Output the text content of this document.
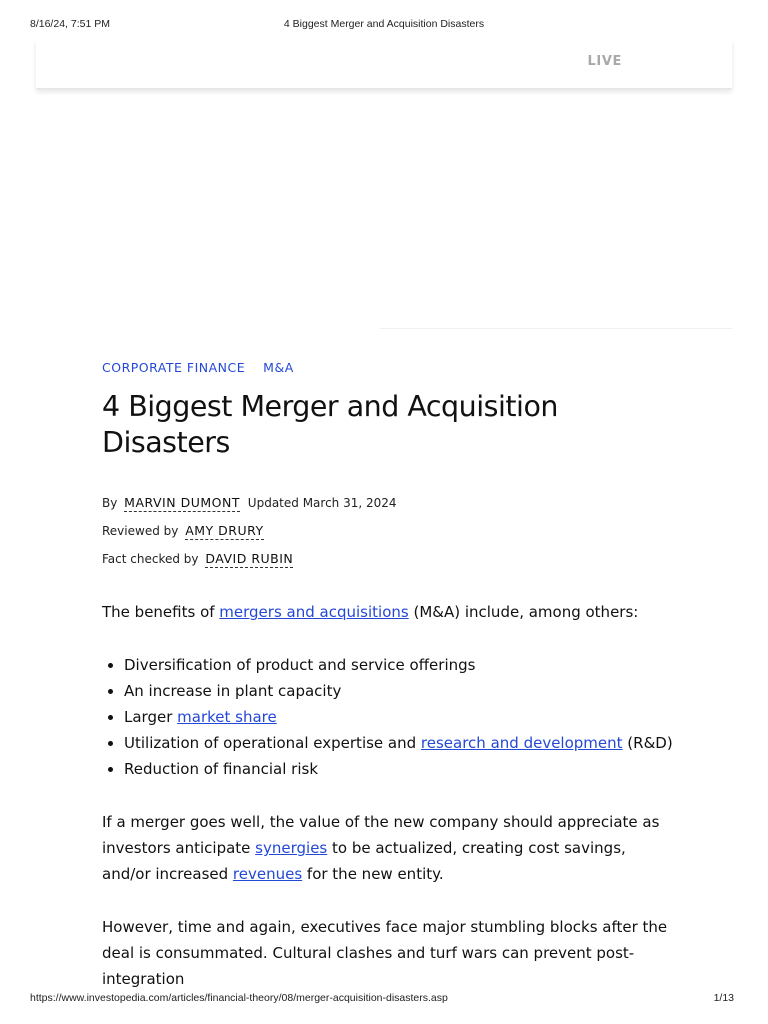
8/16/24, 7:51 PM	4 Biggest Merger and Acquisition Disasters
LIVE
CORPORATE FINANCE M&A
4 Biggest Merger and Acquisition Disasters
By MARVIN DUMONT Updated March 31, 2024
Reviewed by AMY DRURY
Fact checked by DAVID RUBIN

The benefits of mergers and acquisitions (M&A) include, among others:

• Diversification of product and service offerings
• An increase in plant capacity
• Larger market share
• Utilization of operational expertise and research and development (R&D)
• Reduction of financial risk

If a merger goes well, the value of the new company should appreciate as investors anticipate synergies to be actualized, creating cost savings, and/or increased revenues for the new entity.

However, time and again, executives face major stumbling blocks after the deal is consummated. Cultural clashes and turf wars can prevent post-integration

https://www.investopedia.com/articles/financial-theory/08/merger-acquisition-disasters.asp	1/13
